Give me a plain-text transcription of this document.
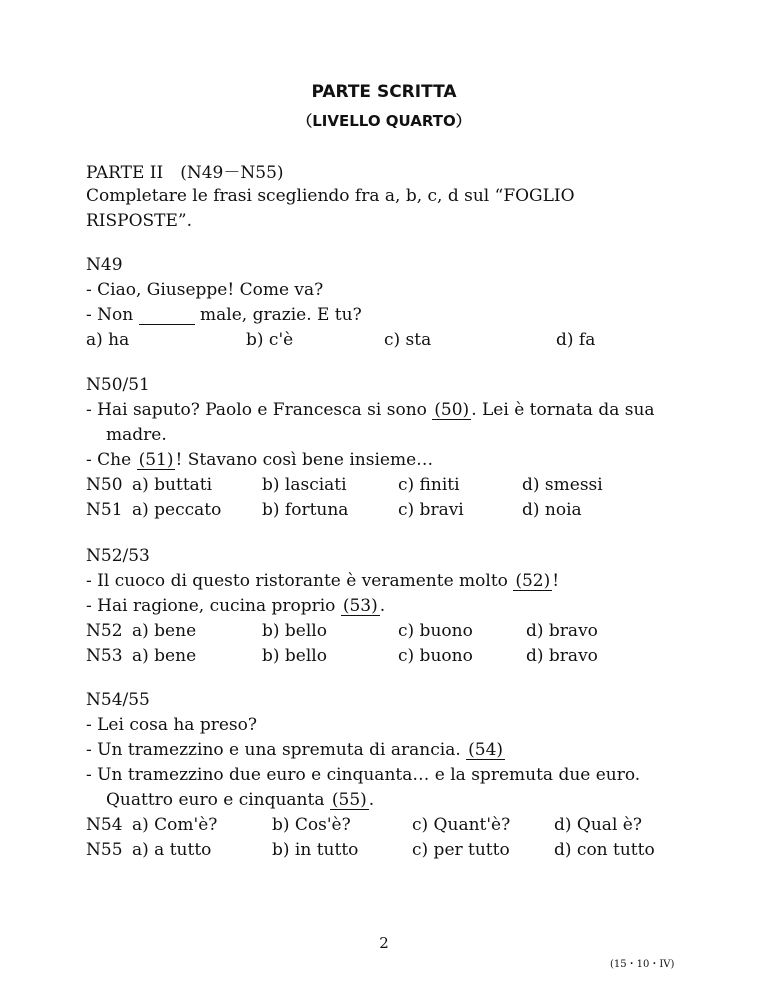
PARTE SCRITTA
（LIVELLO QUARTO）
PARTE II　(N49－N55)
Completare le frasi scegliendo fra a, b, c, d sul “FOGLIO
RISPOSTE”.
N49
- Ciao, Giuseppe! Come va?
- Non	male, grazie. E tu?
a) ha	b) c'è	c) sta	d) fa
N50/51
- Hai saputo? Paolo e Francesca si sono (50) . Lei è tornata da sua
madre.
- Che (51) ! Stavano così bene insieme…
N50 a) buttati	b) lasciati	c) finiti	d) smessi
N51 a) peccato b) fortuna	c) bravi	d) noia
N52/53
- Il cuoco di questo ristorante è veramente molto (52) !
- Hai ragione, cucina proprio (53) .
N52 a) bene	b) bello	c) buono	d) bravo
N53 a) bene	b) bello	c) buono	d) bravo
N54/55
- Lei cosa ha preso?
- Un tramezzino e una spremuta di arancia. (54)
- Un tramezzino due euro e cinquanta… e la spremuta due euro.
Quattro euro e cinquanta (55) .
N54 a) Com'è?	b) Cos'è?	c) Quant'è?	d) Qual è?
N55 a) a tutto	b) in tutto	c) per tutto	d) con tutto
2
(15・10・IV)
